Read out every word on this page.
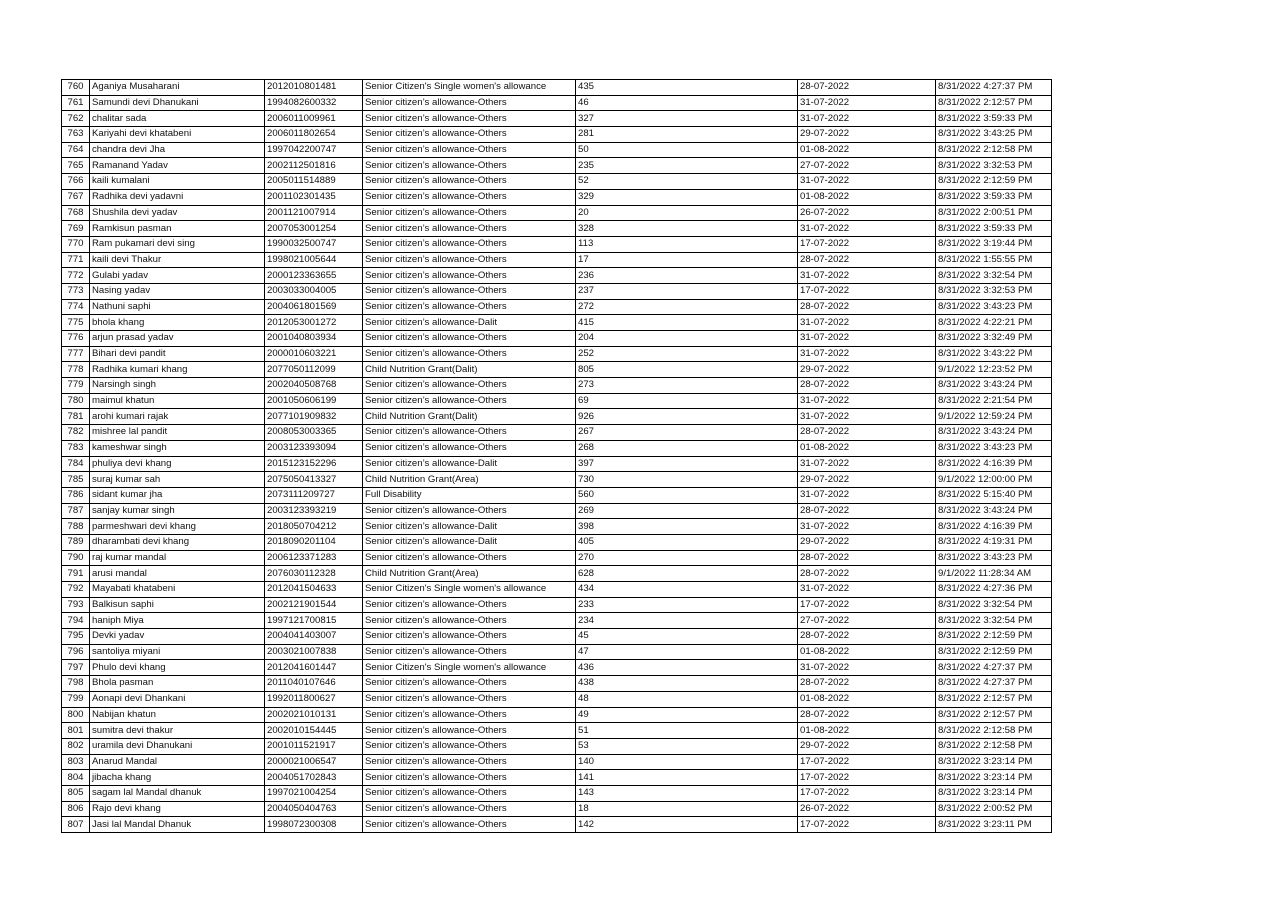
760	Aganiya Musaharani	2012010801481	Senior Citizen's Single women's allowance	435	28-07-2022	8/31/2022 4:27:37 PM
761	Samundi devi Dhanukani	1994082600332	Senior citizen’s allowance-Others	46	31-07-2022	8/31/2022 2:12:57 PM
762	chalitar sada	2006011009961	Senior citizen’s allowance-Others	327	31-07-2022	8/31/2022 3:59:33 PM
763	Kariyahi devi khatabeni	2006011802654	Senior citizen’s allowance-Others	281	29-07-2022	8/31/2022 3:43:25 PM
764	chandra devi Jha	1997042200747	Senior citizen’s allowance-Others	50	01-08-2022	8/31/2022 2:12:58 PM
765	Ramanand Yadav	2002112501816	Senior citizen’s allowance-Others	235	27-07-2022	8/31/2022 3:32:53 PM
766	kaili kumalani	2005011514889	Senior citizen’s allowance-Others	52	31-07-2022	8/31/2022 2:12:59 PM
767	Radhika devi yadavni	2001102301435	Senior citizen’s allowance-Others	329	01-08-2022	8/31/2022 3:59:33 PM
768	Shushila devi yadav	2001121007914	Senior citizen’s allowance-Others	20	26-07-2022	8/31/2022 2:00:51 PM
769	Ramkisun pasman	2007053001254	Senior citizen’s allowance-Others	328	31-07-2022	8/31/2022 3:59:33 PM
770	Ram pukamari devi sing	1990032500747	Senior citizen’s allowance-Others	113	17-07-2022	8/31/2022 3:19:44 PM
771	kaili devi Thakur	1998021005644	Senior citizen’s allowance-Others	17	28-07-2022	8/31/2022 1:55:55 PM
772	Gulabi yadav	2000123363655	Senior citizen’s allowance-Others	236	31-07-2022	8/31/2022 3:32:54 PM
773	Nasing yadav	2003033004005	Senior citizen’s allowance-Others	237	17-07-2022	8/31/2022 3:32:53 PM
774	Nathuni saphi	2004061801569	Senior citizen’s allowance-Others	272	28-07-2022	8/31/2022 3:43:23 PM
775	bhola khang	2012053001272	Senior citizen’s allowance-Dalit	415	31-07-2022	8/31/2022 4:22:21 PM
776	arjun prasad yadav	2001040803934	Senior citizen’s allowance-Others	204	31-07-2022	8/31/2022 3:32:49 PM
777	Bihari devi pandit	2000010603221	Senior citizen’s allowance-Others	252	31-07-2022	8/31/2022 3:43:22 PM
778	Radhika kumari khang	2077050112099	Child Nutrition Grant(Dalit)	805	29-07-2022	9/1/2022 12:23:52 PM
779	Narsingh singh	2002040508768	Senior citizen’s allowance-Others	273	28-07-2022	8/31/2022 3:43:24 PM
780	maimul khatun	2001050606199	Senior citizen’s allowance-Others	69	31-07-2022	8/31/2022 2:21:54 PM
781	arohi kumari rajak	2077101909832	Child Nutrition Grant(Dalit)	926	31-07-2022	9/1/2022 12:59:24 PM
782	mishree lal pandit	2008053003365	Senior citizen’s allowance-Others	267	28-07-2022	8/31/2022 3:43:24 PM
783	kameshwar singh	2003123393094	Senior citizen’s allowance-Others	268	01-08-2022	8/31/2022 3:43:23 PM
784	phuliya devi khang	2015123152296	Senior citizen’s allowance-Dalit	397	31-07-2022	8/31/2022 4:16:39 PM
785	suraj kumar sah	2075050413327	Child Nutrition Grant(Area)	730	29-07-2022	9/1/2022 12:00:00 PM
786	sidant kumar jha	2073111209727	Full Disability	560	31-07-2022	8/31/2022 5:15:40 PM
787	sanjay kumar singh	2003123393219	Senior citizen’s allowance-Others	269	28-07-2022	8/31/2022 3:43:24 PM
788	parmeshwari devi khang	2018050704212	Senior citizen’s allowance-Dalit	398	31-07-2022	8/31/2022 4:16:39 PM
789	dharambati devi khang	2018090201104	Senior citizen’s allowance-Dalit	405	29-07-2022	8/31/2022 4:19:31 PM
790	raj kumar mandal	2006123371283	Senior citizen’s allowance-Others	270	28-07-2022	8/31/2022 3:43:23 PM
791	arusi mandal	2076030112328	Child Nutrition Grant(Area)	628	28-07-2022	9/1/2022 11:28:34 AM
792	Mayabati khatabeni	2012041504633	Senior Citizen's Single women's allowance	434	31-07-2022	8/31/2022 4:27:36 PM
793	Balkisun saphi	2002121901544	Senior citizen’s allowance-Others	233	17-07-2022	8/31/2022 3:32:54 PM
794	haniph Miya	1997121700815	Senior citizen’s allowance-Others	234	27-07-2022	8/31/2022 3:32:54 PM
795	Devki yadav	2004041403007	Senior citizen’s allowance-Others	45	28-07-2022	8/31/2022 2:12:59 PM
796	santoliya miyani	2003021007838	Senior citizen’s allowance-Others	47	01-08-2022	8/31/2022 2:12:59 PM
797	Phulo devi khang	2012041601447	Senior Citizen's Single women's allowance	436	31-07-2022	8/31/2022 4:27:37 PM
798	Bhola pasman	2011040107646	Senior citizen’s allowance-Others	438	28-07-2022	8/31/2022 4:27:37 PM
799	Aonapi devi Dhankani	1992011800627	Senior citizen’s allowance-Others	48	01-08-2022	8/31/2022 2:12:57 PM
800	Nabijan khatun	2002021010131	Senior citizen’s allowance-Others	49	28-07-2022	8/31/2022 2:12:57 PM
801	sumitra devi thakur	2002010154445	Senior citizen’s allowance-Others	51	01-08-2022	8/31/2022 2:12:58 PM
802	uramila devi Dhanukani	2001011521917	Senior citizen’s allowance-Others	53	29-07-2022	8/31/2022 2:12:58 PM
803	Anarud Mandal	2000021006547	Senior citizen’s allowance-Others	140	17-07-2022	8/31/2022 3:23:14 PM
804	jibacha khang	2004051702843	Senior citizen’s allowance-Others	141	17-07-2022	8/31/2022 3:23:14 PM
805	sagam lal Mandal dhanuk	1997021004254	Senior citizen’s allowance-Others	143	17-07-2022	8/31/2022 3:23:14 PM
806	Rajo devi khang	2004050404763	Senior citizen’s allowance-Others	18	26-07-2022	8/31/2022 2:00:52 PM
807	Jasi lal Mandal Dhanuk	1998072300308	Senior citizen’s allowance-Others	142	17-07-2022	8/31/2022 3:23:11 PM
